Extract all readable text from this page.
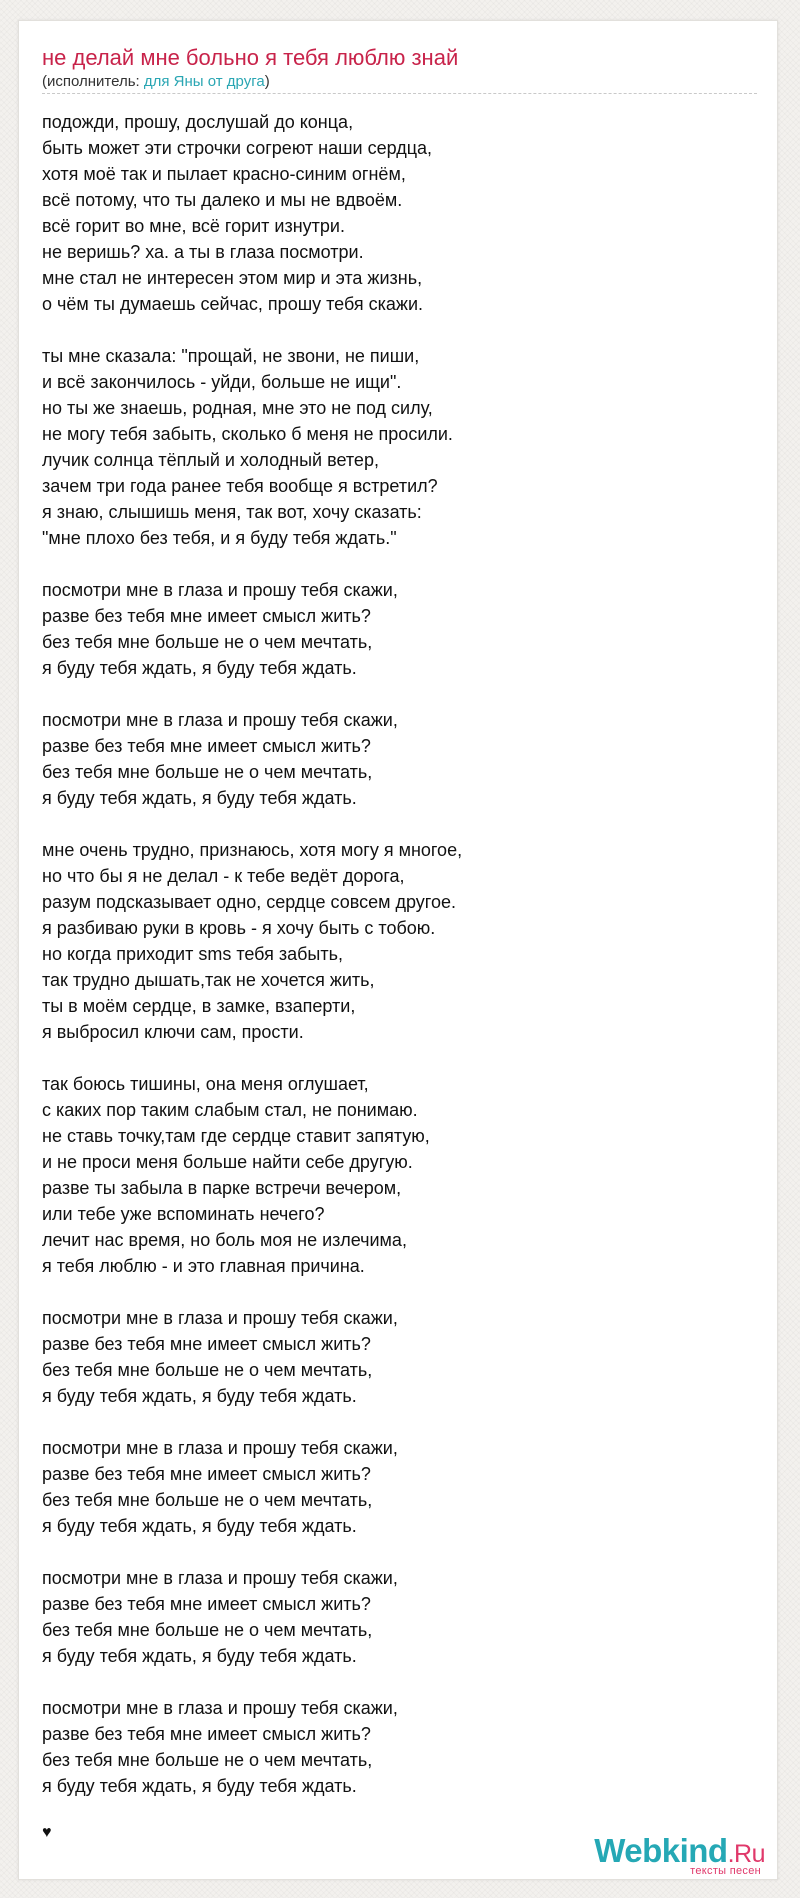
не делай мне больно я тебя люблю знай
(исполнитель: для Яны от друга)
подожди, прошу, дослушай до конца,
быть может эти строчки согреют наши сердца,
хотя моё так и пылает красно-синим огнём,
всё потому, что ты далеко и мы не вдвоём.
всё горит во мне, всё горит изнутри.
не веришь? ха. а ты в глаза посмотри.
мне стал не интересен этом мир и эта жизнь,
о чём ты думаешь сейчас, прошу тебя скажи.
ты мне сказала: "прощай, не звони, не пиши,
и всё закончилось - уйди, больше не ищи".
но ты же знаешь, родная, мне это не под силу,
не могу тебя забыть, сколько б меня не просили.
лучик солнца тёплый и холодный ветер,
зачем три года ранее тебя вообще я встретил?
я знаю, слышишь меня, так вот, хочу сказать:
"мне плохо без тебя, и я буду тебя ждать."
посмотри мне в глаза и прошу тебя скажи,
разве без тебя мне имеет смысл жить?
без тебя мне больше не о чем мечтать,
я буду тебя ждать, я буду тебя ждать.
посмотри мне в глаза и прошу тебя скажи,
разве без тебя мне имеет смысл жить?
без тебя мне больше не о чем мечтать,
я буду тебя ждать, я буду тебя ждать.
мне очень трудно, признаюсь, хотя могу я многое,
но что бы я не делал - к тебе ведёт дорога,
разум подсказывает одно, сердце совсем другое.
я разбиваю руки в кровь - я хочу быть с тобою.
но когда приходит sms тебя забыть,
так трудно дышать,так не хочется жить,
ты в моём сердце, в замке, взаперти,
я выбросил ключи сам, прости.
так боюсь тишины, она меня оглушает,
с каких пор таким слабым стал, не понимаю.
не ставь точку,там где сердце ставит запятую,
и не проси меня больше найти себе другую.
разве ты забыла в парке встречи вечером,
или тебе уже вспоминать нечего?
лечит нас время, но боль моя не излечима,
я тебя люблю - и это главная причина.
посмотри мне в глаза и прошу тебя скажи,
разве без тебя мне имеет смысл жить?
без тебя мне больше не о чем мечтать,
я буду тебя ждать, я буду тебя ждать.
посмотри мне в глаза и прошу тебя скажи,
разве без тебя мне имеет смысл жить?
без тебя мне больше не о чем мечтать,
я буду тебя ждать, я буду тебя ждать.
посмотри мне в глаза и прошу тебя скажи,
разве без тебя мне имеет смысл жить?
без тебя мне больше не о чем мечтать,
я буду тебя ждать, я буду тебя ждать.
посмотри мне в глаза и прошу тебя скажи,
разве без тебя мне имеет смысл жить?
без тебя мне больше не о чем мечтать,
я буду тебя ждать, я буду тебя ждать.
♥	Webkind.Ru
тексты песен
